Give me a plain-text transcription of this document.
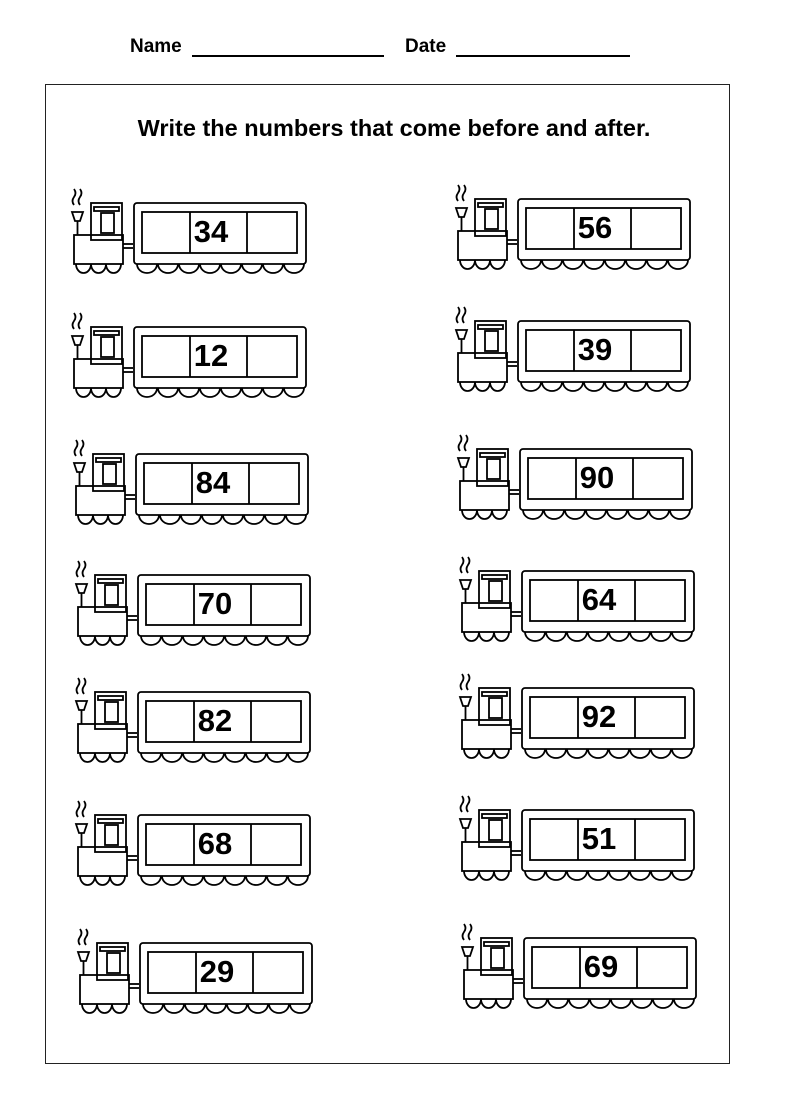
Name	Date
Write the numbers that come before and after.
34
12
84
70
82
68
29
56
39
90
64
92
51
69
